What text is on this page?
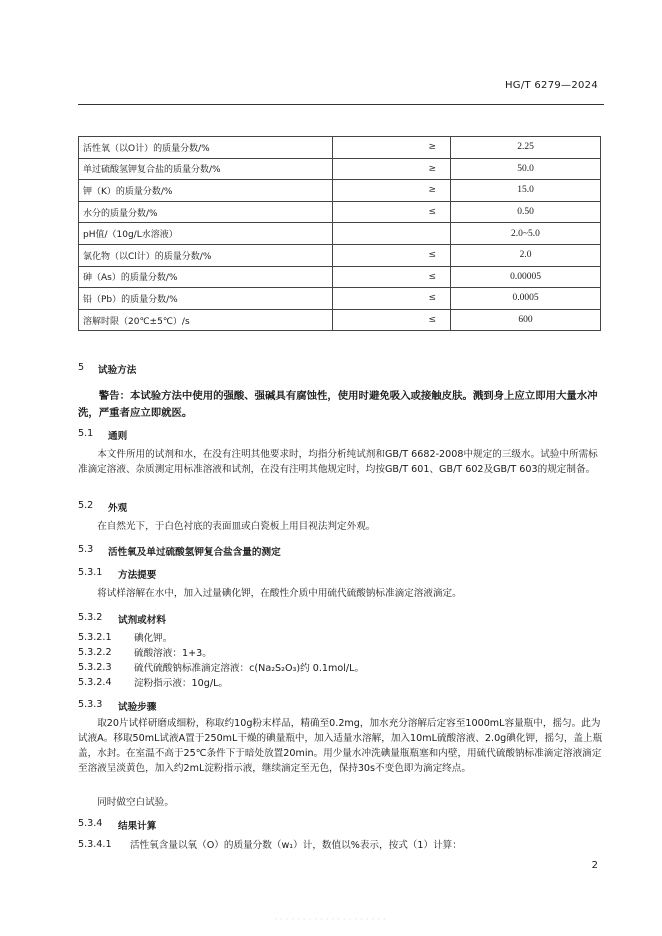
HG/T 6279—2024
活性氧（以O计）的质量分数/%	≥	2.25
单过硫酸氢钾复合盐的质量分数/%	≥	50.0
钾（K）的质量分数/%	≥	15.0
水分的质量分数/%	≤	0.50
pH值/（10g/L水溶液）		2.0~5.0
氯化物（以Cl计）的质量分数/%	≤	2.0
砷（As）的质量分数/%	≤	0.00005
铅（Pb）的质量分数/%	≤	0.0005
溶解时限（20℃±5℃）/s	≤	600
5 试验方法
警告：本试验方法中使用的强酸、强碱具有腐蚀性，使用时避免吸入或接触皮肤。溅到身上应立即用大量水冲洗，严重者应立即就医。
5.1 通则
本文件所用的试剂和水，在没有注明其他要求时，均指分析纯试剂和GB/T 6682-2008中规定的三级水。试验中所需标准滴定溶液、杂质测定用标准溶液和试剂，在没有注明其他规定时，均按GB/T 601、GB/T 602及GB/T 603的规定制备。
5.2 外观
在自然光下，于白色衬底的表面皿或白瓷板上用目视法判定外观。
5.3 活性氧及单过硫酸氢钾复合盐含量的测定
5.3.1 方法提要
将试样溶解在水中，加入过量碘化钾，在酸性介质中用硫代硫酸钠标准滴定溶液滴定。
5.3.2 试剂或材料
5.3.2.1 碘化钾。
5.3.2.2 硫酸溶液：1+3。
5.3.2.3 硫代硫酸钠标准滴定溶液：c(Na₂S₂O₃)约 0.1mol/L。
5.3.2.4 淀粉指示液：10g/L。
5.3.3 试验步骤
取20片试样研磨成细粉，称取约10g粉末样品，精确至0.2mg，加水充分溶解后定容至1000mL容量瓶中，摇匀。此为试液A。移取50mL试液A置于250mL干燥的碘量瓶中，加入适量水溶解，加入10mL硫酸溶液、2.0g碘化钾，摇匀，盖上瓶盖，水封。在室温不高于25℃条件下于暗处放置20min。用少量水冲洗碘量瓶瓶塞和内壁，用硫代硫酸钠标准滴定溶液滴定至溶液呈淡黄色，加入约2mL淀粉指示液，继续滴定至无色，保持30s不变色即为滴定终点。
同时做空白试验。
5.3.4 结果计算
5.3.4.1 活性氧含量以氧（O）的质量分数（w₁）计，数值以%表示，按式（1）计算：
2
· · · · · · · · · · · · · · · · · · · ·
